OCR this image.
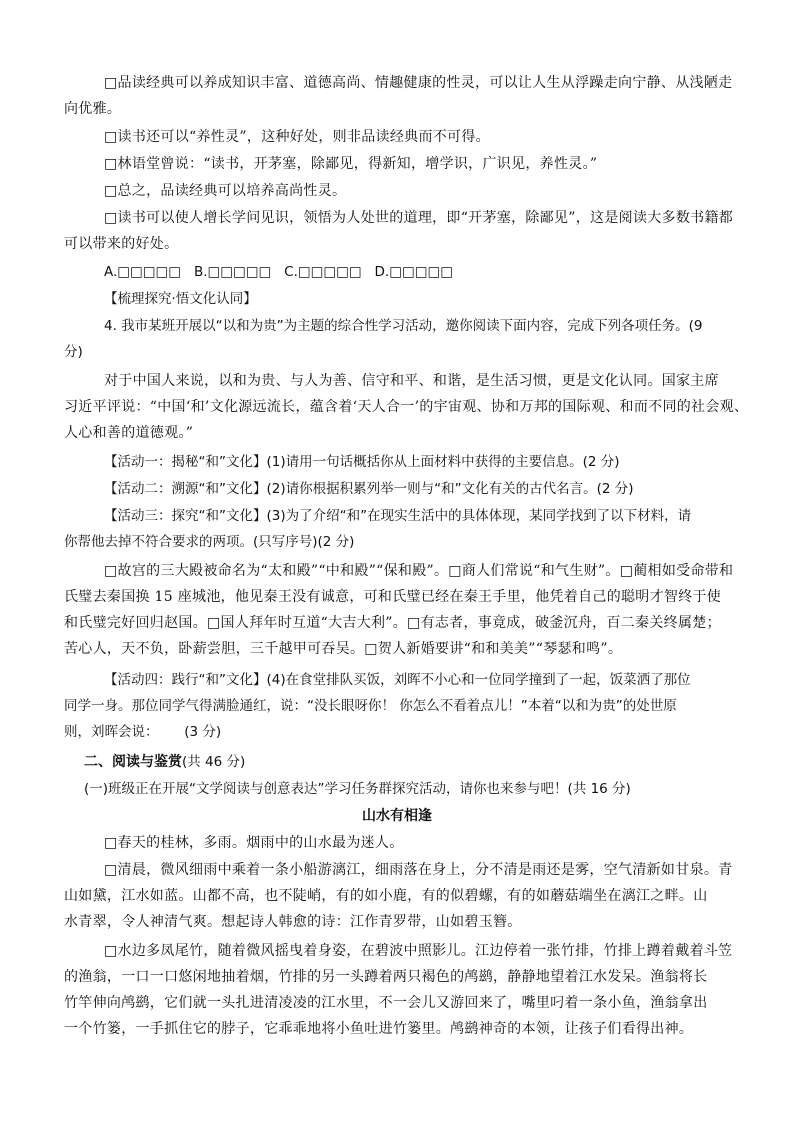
□品读经典可以养成知识丰富、道德高尚、情趣健康的性灵，可以让人生从浮躁走向宁静、从浅陋走
向优雅。
□读书还可以“养性灵”，这种好处，则非品读经典而不可得。
□林语堂曾说：“读书，开茅塞，除鄙见，得新知，增学识，广识见，养性灵。”
□总之，品读经典可以培养高尚性灵。
□读书可以使人增长学问见识，领悟为人处世的道理，即“开茅塞，除鄙见”，这是阅读大多数书籍都
可以带来的好处。
A.□□□□□   B.□□□□□   C.□□□□□   D.□□□□□
【梳理探究·悟文化认同】
4. 我市某班开展以“以和为贵”为主题的综合性学习活动，邀你阅读下面内容，完成下列各项任务。(9
分)
对于中国人来说，以和为贵、与人为善、信守和平、和谐，是生活习惯，更是文化认同。国家主席
习近平评说：“中国‘和’文化源远流长，蕴含着‘天人合一’的宇宙观、协和万邦的国际观、和而不同的社会观、
人心和善的道德观。”
【活动一：揭秘“和”文化】(1)请用一句话概括你从上面材料中获得的主要信息。(2 分)
【活动二：溯源“和”文化】(2)请你根据积累列举一则与“和”文化有关的古代名言。(2 分)
【活动三：探究“和”文化】(3)为了介绍“和”在现实生活中的具体体现，某同学找到了以下材料，请
你帮他去掉不符合要求的两项。(只写序号)(2 分)
□故宫的三大殿被命名为“太和殿”“中和殿”“保和殿”。□商人们常说“和气生财”。□蔺相如受命带和
氏璧去秦国换 15 座城池，他见秦王没有诚意，可和氏璧已经在秦王手里，他凭着自己的聪明才智终于使
和氏璧完好回归赵国。□国人拜年时互道“大吉大利”。□有志者，事竟成，破釜沉舟，百二秦关终属楚；
苦心人，天不负，卧薪尝胆，三千越甲可吞吴。□贺人新婚要讲“和和美美”“琴瑟和鸣”。
【活动四：践行“和”文化】(4)在食堂排队买饭，刘晖不小心和一位同学撞到了一起，饭菜洒了那位
同学一身。那位同学气得满脸通红，说：“没长眼呀你！ 你怎么不看着点儿！”本着“以和为贵”的处世原
则，刘晖会说：      (3 分)
二、阅读与鉴赏(共 46 分)
(一)班级正在开展“文学阅读与创意表达”学习任务群探究活动，请你也来参与吧！(共 16 分)
山水有相逢
□春天的桂林，多雨。烟雨中的山水最为迷人。
□清晨，微风细雨中乘着一条小船游漓江，细雨落在身上，分不清是雨还是雾，空气清新如甘泉。青
山如黛，江水如蓝。山都不高，也不陡峭，有的如小鹿，有的似碧螺，有的如蘑菇端坐在漓江之畔。山
水青翠，令人神清气爽。想起诗人韩愈的诗：江作青罗带，山如碧玉簪。
□水边多凤尾竹，随着微风摇曳着身姿，在碧波中照影儿。江边停着一张竹排，竹排上蹲着戴着斗笠
的渔翁，一口一口悠闲地抽着烟，竹排的另一头蹲着两只褐色的鸬鹚，静静地望着江水发呆。渔翁将长
竹竿伸向鸬鹚，它们就一头扎进清凌凌的江水里，不一会儿又游回来了，嘴里叼着一条小鱼，渔翁拿出
一个竹篓，一手抓住它的脖子，它乖乖地将小鱼吐进竹篓里。鸬鹚神奇的本领，让孩子们看得出神。
